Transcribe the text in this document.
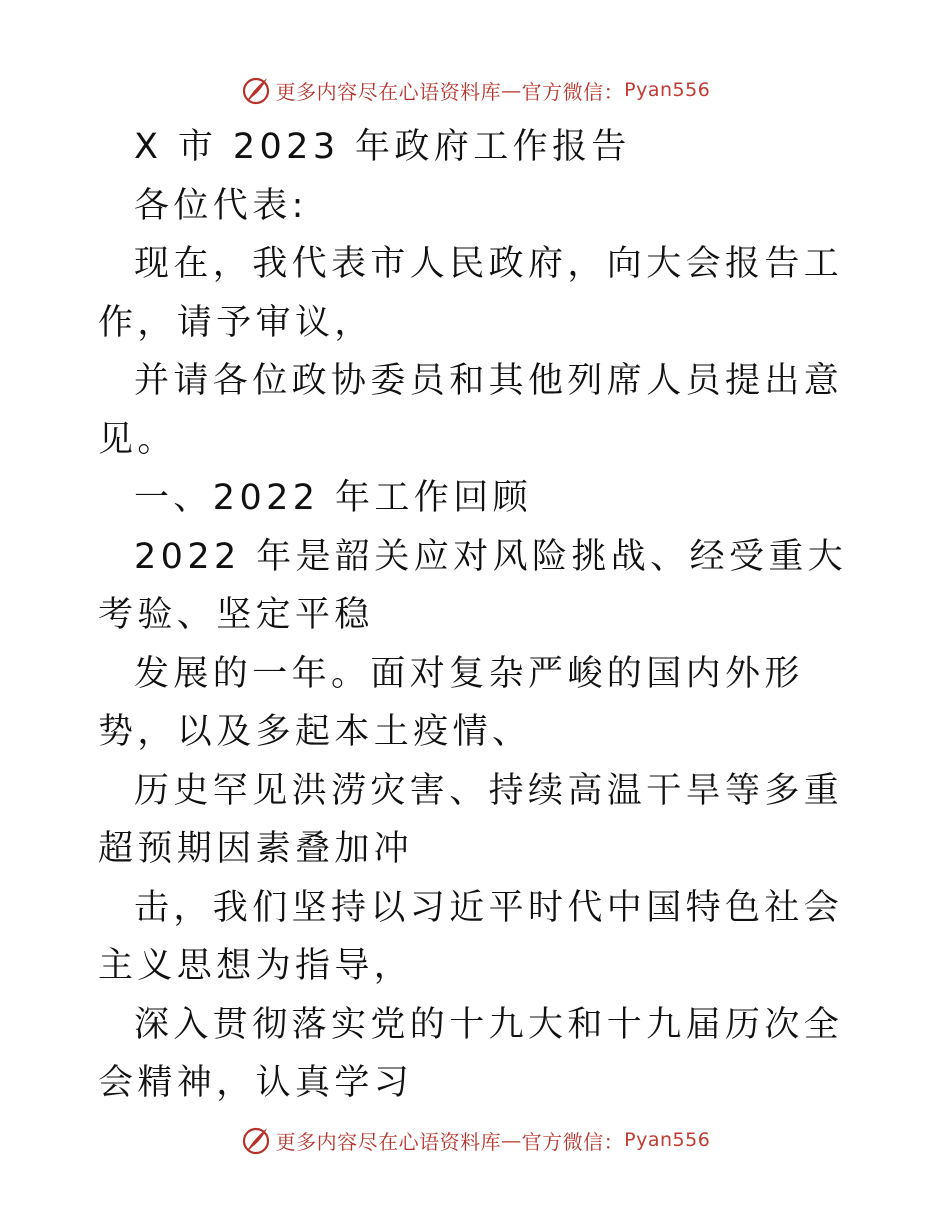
更多内容尽在心语资料库 — 官方微信： Pyan556

X 市 2023 年政府工作报告

各位代表:

现在，我代表市人民政府，向大会报告工作，请予审议，

并请各位政协委员和其他列席人员提出意见。

一、2022 年工作回顾

2022 年是韶关应对风险挑战、经受重大考验、坚定平稳

发展的一年。面对复杂严峻的国内外形势，以及多起本土疫情、

历史罕见洪涝灾害、持续高温干旱等多重超预期因素叠加冲

击，我们坚持以习近平时代中国特色社会主义思想为指导，

深入贯彻落实党的十九大和十九届历次全会精神，认真学习

更多内容尽在心语资料库 — 官方微信： Pyan556
